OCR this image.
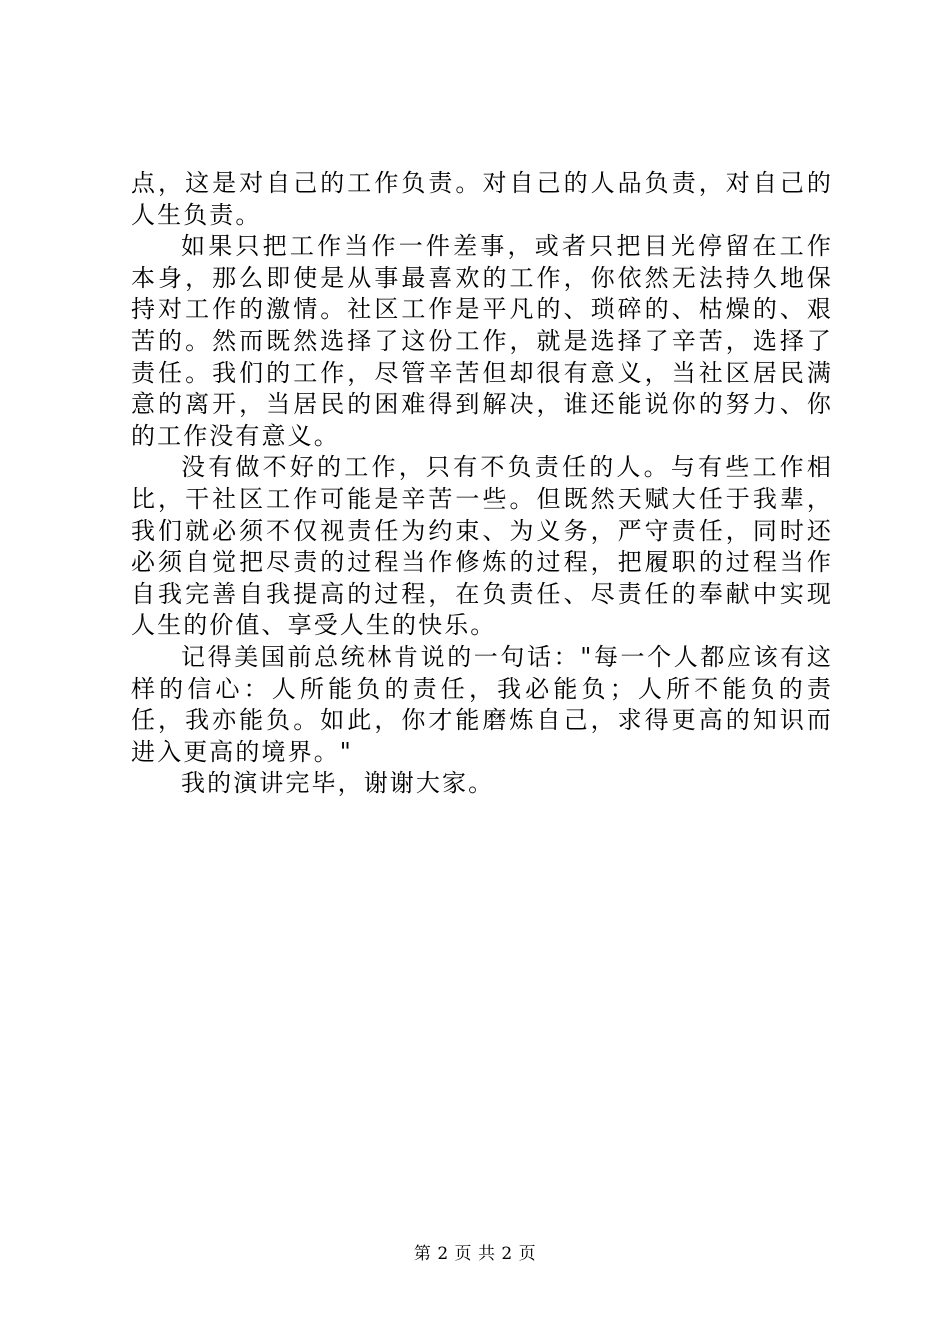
点，这是对自己的工作负责。对自己的人品负责，对自己的人生负责。

如果只把工作当作一件差事，或者只把目光停留在工作本身，那么即使是从事最喜欢的工作，你依然无法持久地保持对工作的激情。社区工作是平凡的、琐碎的、枯燥的、艰苦的。然而既然选择了这份工作，就是选择了辛苦，选择了责任。我们的工作，尽管辛苦但却很有意义，当社区居民满意的离开，当居民的困难得到解决，谁还能说你的努力、你的工作没有意义。

没有做不好的工作，只有不负责任的人。与有些工作相比，干社区工作可能是辛苦一些。但既然天赋大任于我辈，我们就必须不仅视责任为约束、为义务，严守责任，同时还必须自觉把尽责的过程当作修炼的过程，把履职的过程当作自我完善自我提高的过程，在负责任、尽责任的奉献中实现人生的价值、享受人生的快乐。

记得美国前总统林肯说的一句话："每一个人都应该有这样的信心：人所能负的责任，我必能负；人所不能负的责任，我亦能负。如此，你才能磨炼自己，求得更高的知识而进入更高的境界。"

我的演讲完毕，谢谢大家。

第 2 页 共 2 页
